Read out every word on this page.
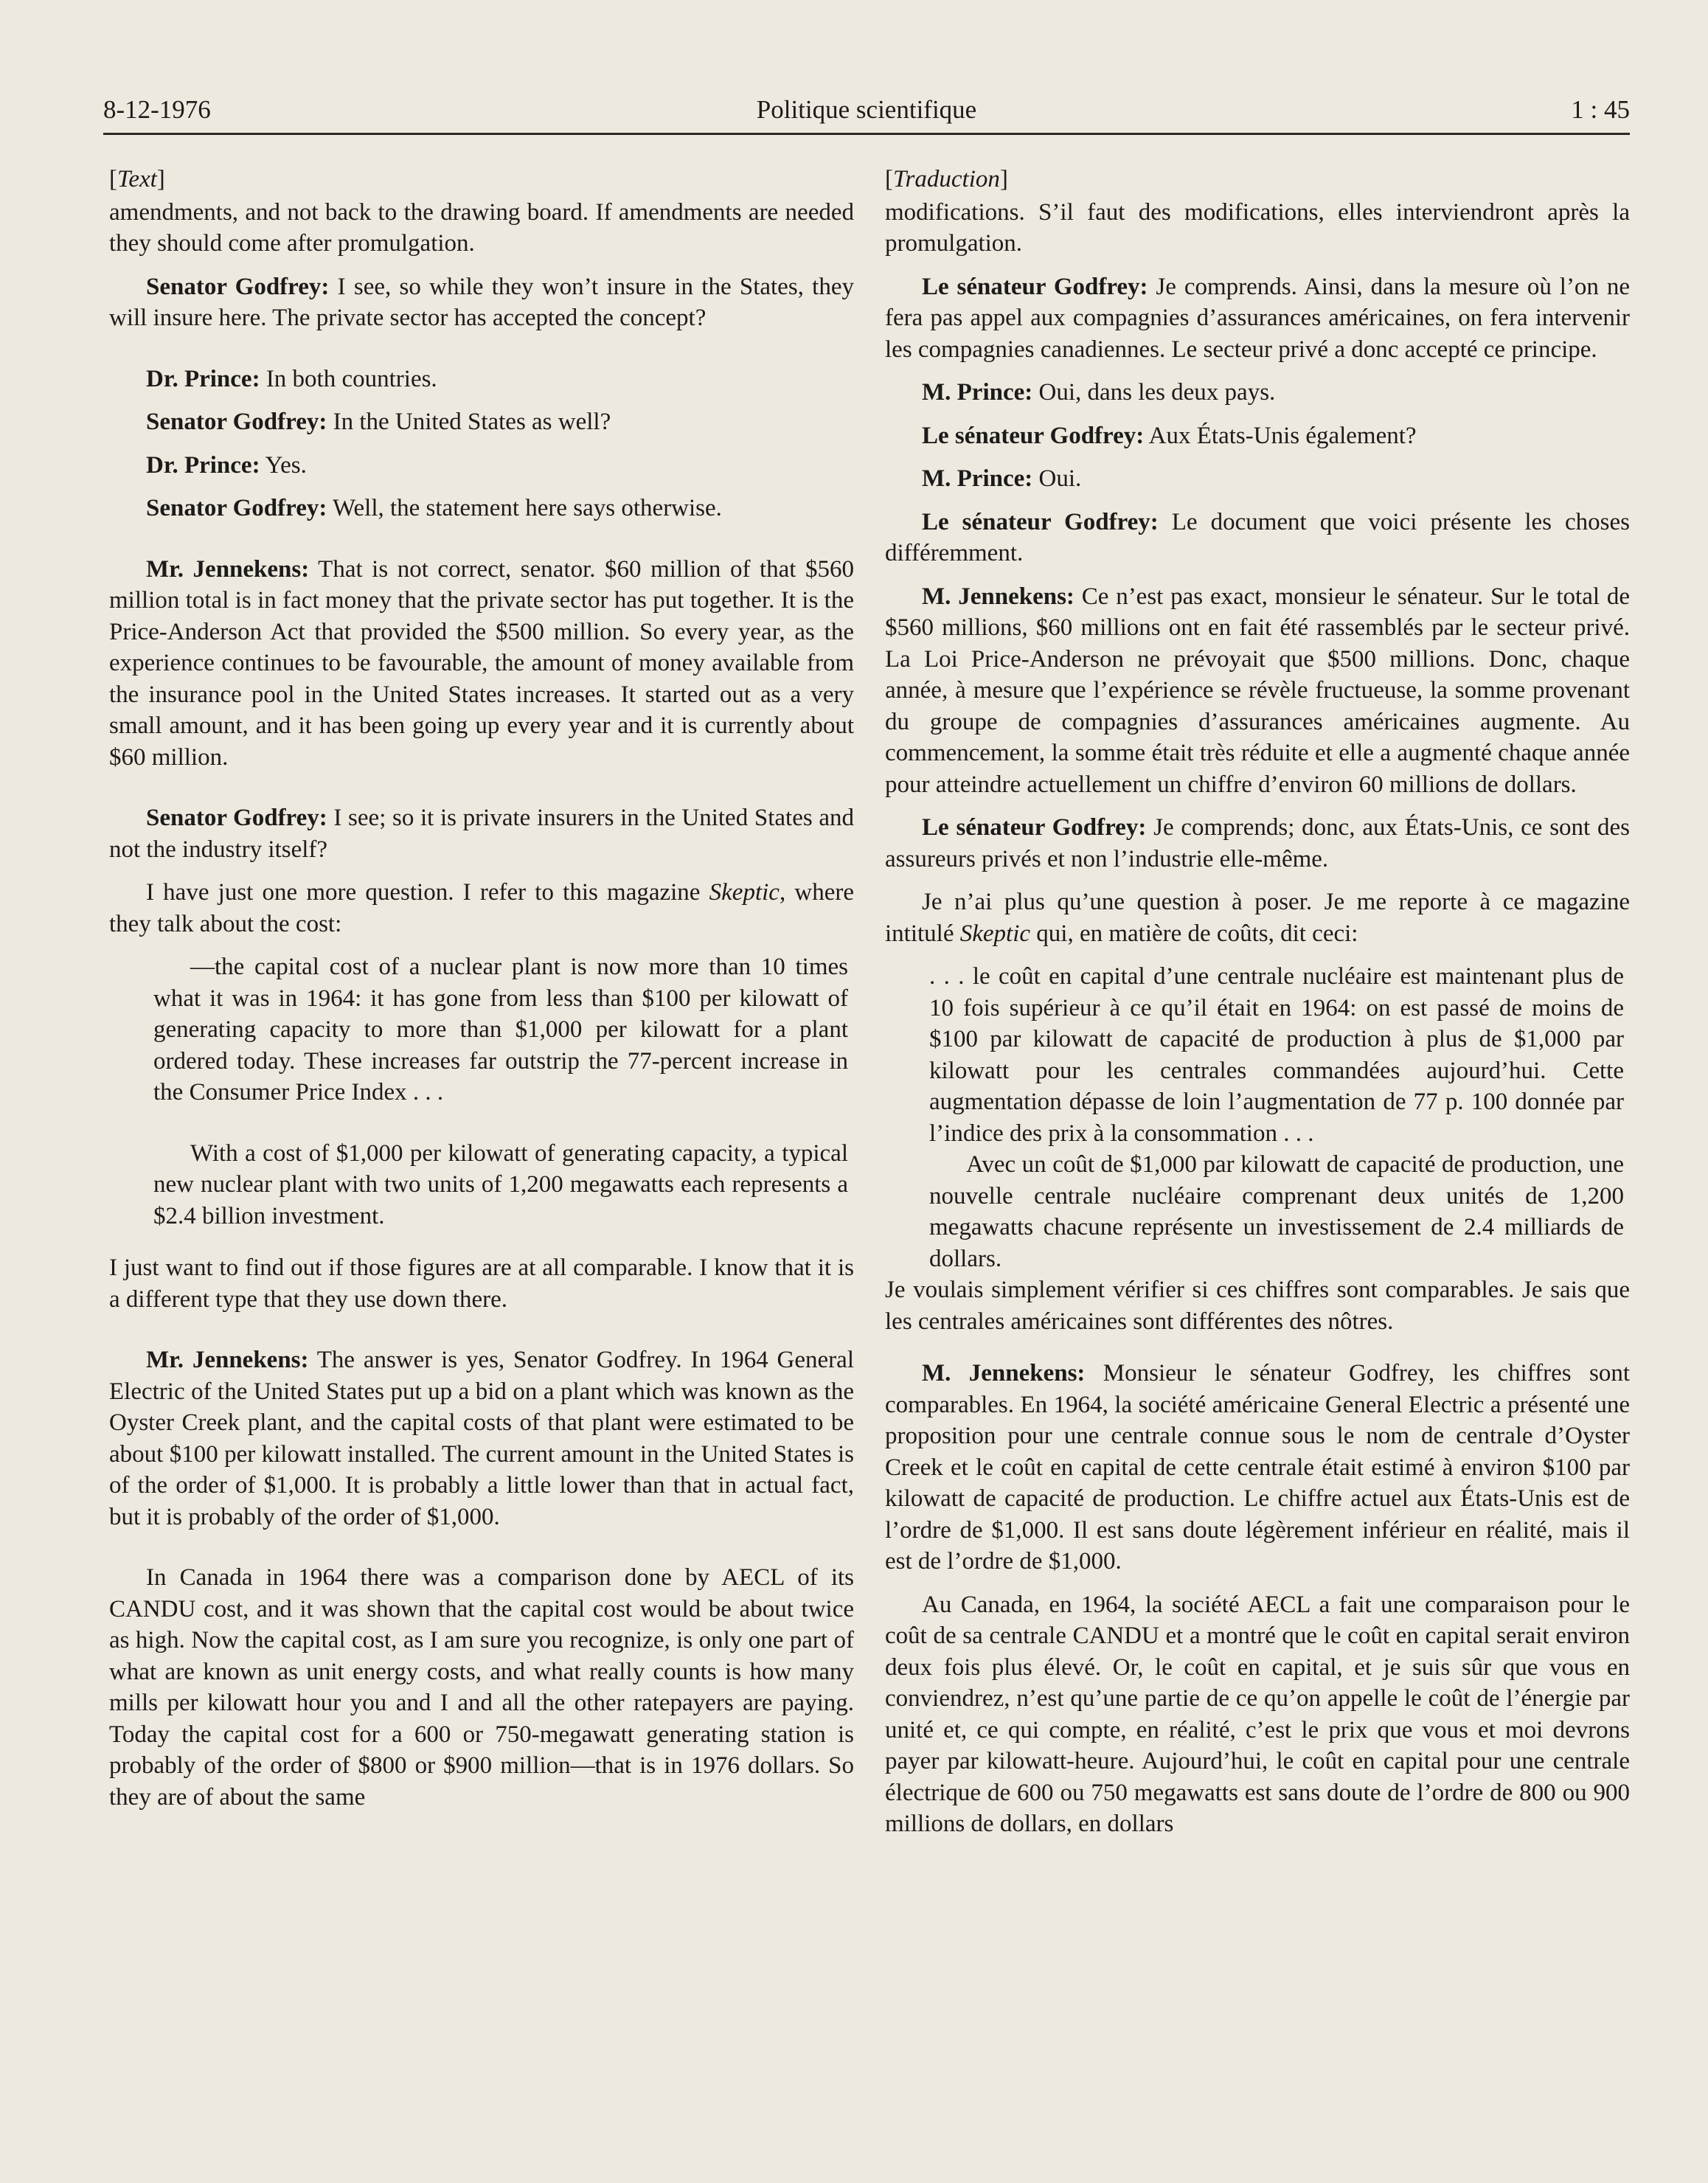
8-12-1976	Politique scientifique	1 : 45
[Text]

amendments, and not back to the drawing board. If amendments are needed they should come after promulgation.

Senator Godfrey: I see, so while they won’t insure in the States, they will insure here. The private sector has accepted the concept?

Dr. Prince: In both countries.

Senator Godfrey: In the United States as well?

Dr. Prince: Yes.

Senator Godfrey: Well, the statement here says otherwise.

Mr. Jennekens: That is not correct, senator. $60 million of that $560 million total is in fact money that the private sector has put together. It is the Price-Anderson Act that provided the $500 million. So every year, as the experience continues to be favourable, the amount of money available from the insurance pool in the United States increases. It started out as a very small amount, and it has been going up every year and it is currently about $60 million.

Senator Godfrey: I see; so it is private insurers in the United States and not the industry itself?

I have just one more question. I refer to this magazine Skeptic, where they talk about the cost:

—the capital cost of a nuclear plant is now more than 10 times what it was in 1964: it has gone from less than $100 per kilowatt of generating capacity to more than $1,000 per kilowatt for a plant ordered today. These increases far outstrip the 77-percent increase in the Consumer Price Index . . .

With a cost of $1,000 per kilowatt of generating capacity, a typical new nuclear plant with two units of 1,200 megawatts each represents a $2.4 billion investment.

I just want to find out if those figures are at all comparable. I know that it is a different type that they use down there.

Mr. Jennekens: The answer is yes, Senator Godfrey. In 1964 General Electric of the United States put up a bid on a plant which was known as the Oyster Creek plant, and the capital costs of that plant were estimated to be about $100 per kilowatt installed. The current amount in the United States is of the order of $1,000. It is probably a little lower than that in actual fact, but it is probably of the order of $1,000.

In Canada in 1964 there was a comparison done by AECL of its CANDU cost, and it was shown that the capital cost would be about twice as high. Now the capital cost, as I am sure you recognize, is only one part of what are known as unit energy costs, and what really counts is how many mills per kilowatt hour you and I and all the other ratepayers are paying. Today the capital cost for a 600 or 750-megawatt generating station is probably of the order of $800 or $900 million—that is in 1976 dollars. So they are of about the same

[Traduction]

modifications. S’il faut des modifications, elles interviendront après la promulgation.

Le sénateur Godfrey: Je comprends. Ainsi, dans la mesure où l’on ne fera pas appel aux compagnies d’assurances américaines, on fera intervenir les compagnies canadiennes. Le secteur privé a donc accepté ce principe.

M. Prince: Oui, dans les deux pays.

Le sénateur Godfrey: Aux États-Unis également?

M. Prince: Oui.

Le sénateur Godfrey: Le document que voici présente les choses différemment.

M. Jennekens: Ce n’est pas exact, monsieur le sénateur. Sur le total de $560 millions, $60 millions ont en fait été rassemblés par le secteur privé. La Loi Price-Anderson ne prévoyait que $500 millions. Donc, chaque année, à mesure que l’expérience se révèle fructueuse, la somme provenant du groupe de compagnies d’assurances américaines augmente. Au commencement, la somme était très réduite et elle a augmenté chaque année pour atteindre actuellement un chiffre d’environ 60 millions de dollars.

Le sénateur Godfrey: Je comprends; donc, aux États-Unis, ce sont des assureurs privés et non l’industrie elle-même.

Je n’ai plus qu’une question à poser. Je me reporte à ce magazine intitulé Skeptic qui, en matière de coûts, dit ceci:

. . . le coût en capital d’une centrale nucléaire est maintenant plus de 10 fois supérieur à ce qu’il était en 1964: on est passé de moins de $100 par kilowatt de capacité de production à plus de $1,000 par kilowatt pour les centrales commandées aujourd’hui. Cette augmentation dépasse de loin l’augmentation de 77 p. 100 donnée par l’indice des prix à la consommation . . .

Avec un coût de $1,000 par kilowatt de capacité de production, une nouvelle centrale nucléaire comprenant deux unités de 1,200 megawatts chacune représente un investissement de 2.4 milliards de dollars.

Je voulais simplement vérifier si ces chiffres sont comparables. Je sais que les centrales américaines sont différentes des nôtres.

M. Jennekens: Monsieur le sénateur Godfrey, les chiffres sont comparables. En 1964, la société américaine General Electric a présenté une proposition pour une centrale connue sous le nom de centrale d’Oyster Creek et le coût en capital de cette centrale était estimé à environ $100 par kilowatt de capacité de production. Le chiffre actuel aux États-Unis est de l’ordre de $1,000. Il est sans doute légèrement inférieur en réalité, mais il est de l’ordre de $1,000.

Au Canada, en 1964, la société AECL a fait une comparaison pour le coût de sa centrale CANDU et a montré que le coût en capital serait environ deux fois plus élevé. Or, le coût en capital, et je suis sûr que vous en conviendrez, n’est qu’une partie de ce qu’on appelle le coût de l’énergie par unité et, ce qui compte, en réalité, c’est le prix que vous et moi devrons payer par kilowatt-heure. Aujourd’hui, le coût en capital pour une centrale électrique de 600 ou 750 megawatts est sans doute de l’ordre de 800 ou 900 millions de dollars, en dollars
